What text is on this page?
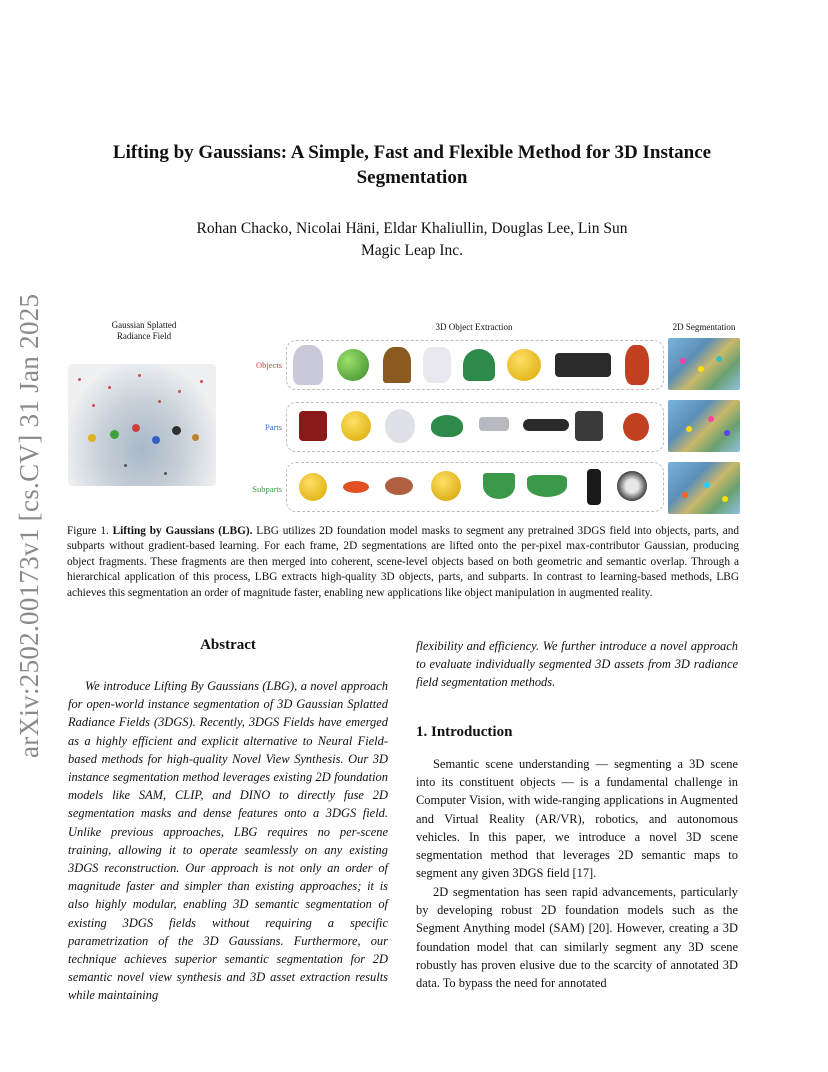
arXiv:2502.00173v1 [cs.CV] 31 Jan 2025
Lifting by Gaussians: A Simple, Fast and Flexible Method for 3D Instance Segmentation
Rohan Chacko, Nicolai Häni, Eldar Khaliullin, Douglas Lee, Lin Sun
Magic Leap Inc.
Gaussian Splatted Radiance Field
3D Object Extraction	2D Segmentation
Objects
Parts
Subparts
Figure 1. Lifting by Gaussians (LBG). LBG utilizes 2D foundation model masks to segment any pretrained 3DGS field into objects, parts, and subparts without gradient-based learning. For each frame, 2D segmentations are lifted onto the per-pixel max-contributor Gaussian, producing object fragments. These fragments are then merged into coherent, scene-level objects based on both geometric and semantic overlap. Through a hierarchical application of this process, LBG extracts high-quality 3D objects, parts, and subparts. In contrast to learning-based methods, LBG achieves this segmentation an order of magnitude faster, enabling new applications like object manipulation in augmented reality.
Abstract
We introduce Lifting By Gaussians (LBG), a novel approach for open-world instance segmentation of 3D Gaussian Splatted Radiance Fields (3DGS). Recently, 3DGS Fields have emerged as a highly efficient and explicit alternative to Neural Field-based methods for high-quality Novel View Synthesis. Our 3D instance segmentation method leverages existing 2D foundation models like SAM, CLIP, and DINO to directly fuse 2D segmentation masks and dense features onto a 3DGS field. Unlike previous approaches, LBG requires no per-scene training, allowing it to operate seamlessly on any existing 3DGS reconstruction. Our approach is not only an order of magnitude faster and simpler than existing approaches; it is also highly modular, enabling 3D semantic segmentation of existing 3DGS fields without requiring a specific parametrization of the 3D Gaussians. Furthermore, our technique achieves superior semantic segmentation for 2D semantic novel view synthesis and 3D asset extraction results while maintaining
flexibility and efficiency. We further introduce a novel approach to evaluate individually segmented 3D assets from 3D radiance field segmentation methods.
1. Introduction

Semantic scene understanding — segmenting a 3D scene into its constituent objects — is a fundamental challenge in Computer Vision, with wide-ranging applications in Augmented and Virtual Reality (AR/VR), robotics, and autonomous vehicles. In this paper, we introduce a novel 3D scene segmentation method that leverages 2D semantic maps to segment any given 3DGS field [17].

2D segmentation has seen rapid advancements, particularly by developing robust 2D foundation models such as the Segment Anything model (SAM) [20]. However, creating a 3D foundation model that can similarly segment any 3D scene robustly has proven elusive due to the scarcity of annotated 3D data. To bypass the need for annotated
